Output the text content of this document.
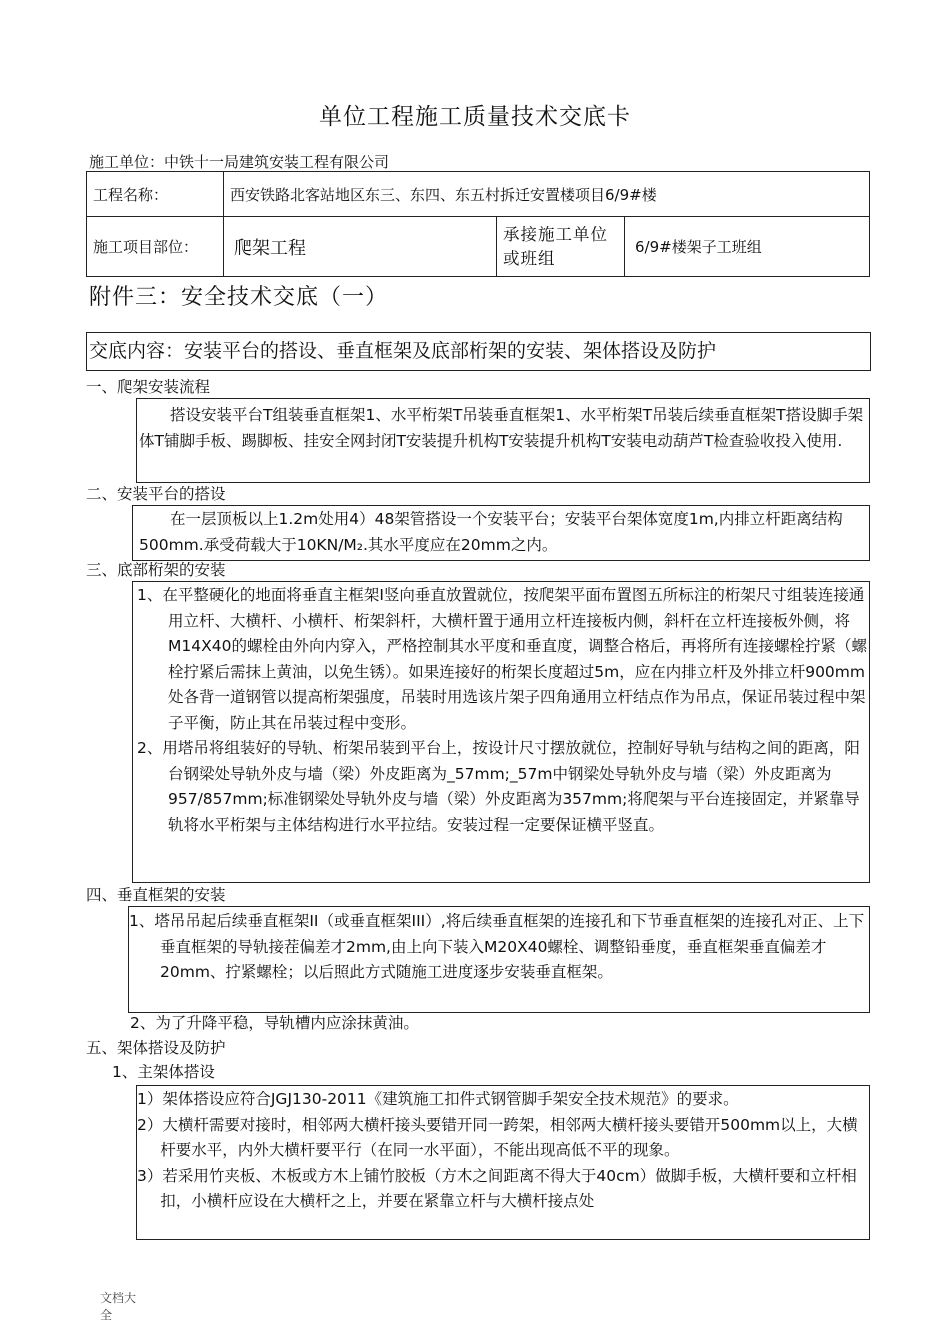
单位工程施工质量技术交底卡
施工单位：中铁十一局建筑安装工程有限公司
工程名称：	西安铁路北客站地区东三、东四、东五村拆迁安置楼项目6/9#楼		
施工项目部位：	爬架工程	承接施工单位或班组	6/9#楼架子工班组
附件三：安全技术交底（一）
交底内容：安装平台的搭设、垂直框架及底部桁架的安装、架体搭设及防护
一、爬架安装流程
搭设安装平台T组装垂直框架1、水平桁架T吊装垂直框架1、水平桁架T吊装后续垂直框架T搭设脚手架体T铺脚手板、踢脚板、挂安全网封闭T安装提升机构T安装提升机构T安装电动葫芦T检查验收投入使用.
二、安装平台的搭设
在一层顶板以上1.2m处用4）48架管搭设一个安装平台；安装平台架体宽度1m,内排立杆距离结构500mm.承受荷载大于10KN/M₂.其水平度应在20mm之内。
三、底部桁架的安装
1、在平整硬化的地面将垂直主框架I竖向垂直放置就位，按爬架平面布置图五所标注的桁架尺寸组装连接通用立杆、大横杆、小横杆、桁架斜杆，大横杆置于通用立杆连接板内侧，斜杆在立杆连接板外侧，将M14X40的螺栓由外向内穿入，严格控制其水平度和垂直度，调整合格后，再将所有连接螺栓拧紧（螺栓拧紧后需抹上黄油，以免生锈）。如果连接好的桁架长度超过5m，应在内排立杆及外排立杆900mm处各背一道钢管以提高桁架强度，吊装时用选该片架子四角通用立杆结点作为吊点，保证吊装过程中架子平衡，防止其在吊装过程中变形。
2、用塔吊将组装好的导轨、桁架吊装到平台上，按设计尺寸摆放就位，控制好导轨与结构之间的距离，阳台钢梁处导轨外皮与墙（梁）外皮距离为_57mm;_57m中钢梁处导轨外皮与墙（梁）外皮距离为957/857mm;标准钢梁处导轨外皮与墙（梁）外皮距离为357mm;将爬架与平台连接固定，并紧靠导轨将水平桁架与主体结构进行水平拉结。安装过程一定要保证横平竖直。
四、垂直框架的安装
1、塔吊吊起后续垂直框架II（或垂直框架III）,将后续垂直框架的连接孔和下节垂直框架的连接孔对正、上下垂直框架的导轨接茬偏差才2mm,由上向下装入M20X40螺栓、调整铅垂度，垂直框架垂直偏差才20mm、拧紧螺栓；以后照此方式随施工进度逐步安装垂直框架。
2、为了升降平稳，导轨槽内应涂抹黄油。
五、架体搭设及防护
1、主架体搭设
1）架体搭设应符合JGJ130-2011《建筑施工扣件式钢管脚手架安全技术规范》的要求。
2）大横杆需要对接时，相邻两大横杆接头要错开同一跨架，相邻两大横杆接头要错开500mm以上，大横杆要水平，内外大横杆要平行（在同一水平面），不能出现高低不平的现象。
3）若采用竹夹板、木板或方木上铺竹胶板（方木之间距离不得大于40cm）做脚手板，大横杆要和立杆相扣，小横杆应设在大横杆之上，并要在紧靠立杆与大横杆接点处
文档大全
